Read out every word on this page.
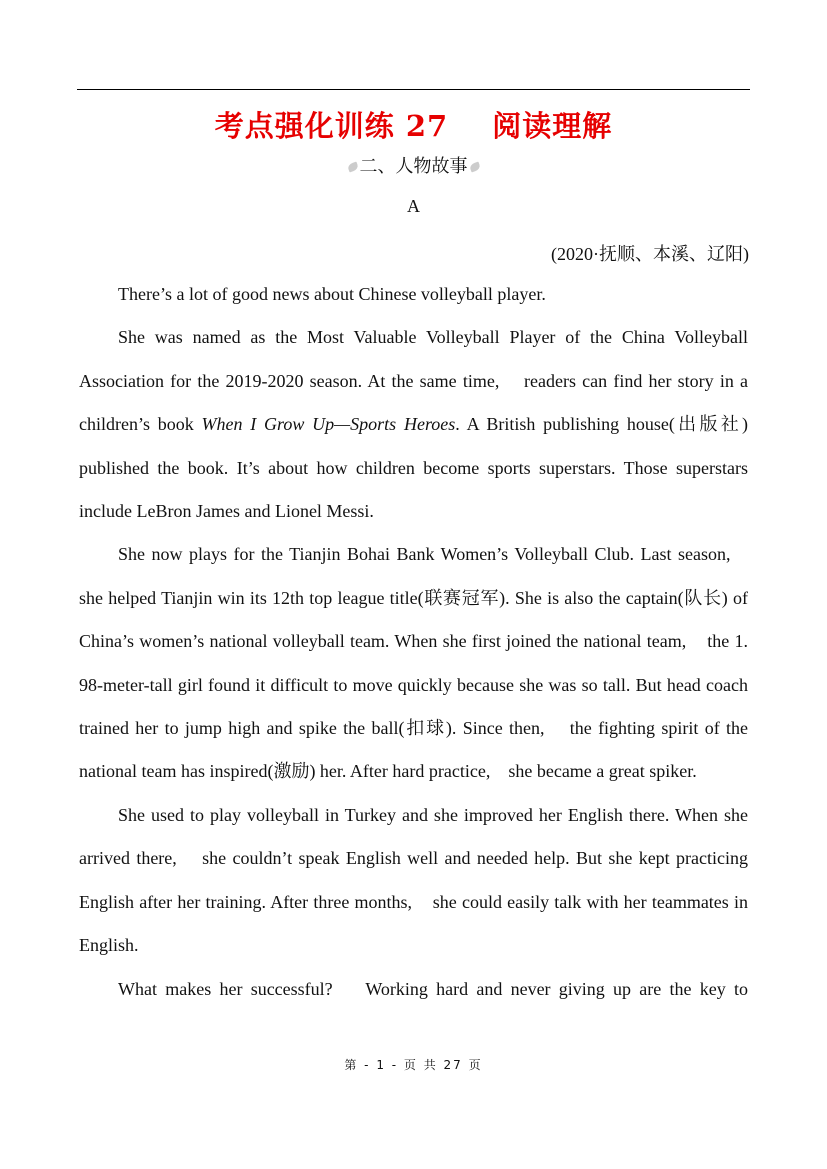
考点强化训练 27 阅读理解
二、人物故事
A
(2020·抚顺、本溪、辽阳)

There’s a lot of good news about Chinese volleyball player.

She was named as the Most Valuable Volleyball Player of the China Volleyball Association for the 2019-2020 season. At the same time,    readers can find her story in a children’s book When I Grow Up—Sports Heroes. A British publishing house(出版社) published the book. It’s about how children become sports superstars. Those superstars include LeBron James and Lionel Messi.

She now plays for the Tianjin Bohai Bank Women’s Volleyball Club. Last season,    she helped Tianjin win its 12th top league title(联赛冠军). She is also the captain(队长) of China’s women’s national volleyball team. When she first joined the national team,    the 1. 98-meter-tall girl found it difficult to move quickly because she was so tall. But head coach trained her to jump high and spike the ball(扣球). Since then,    the fighting spirit of the national team has inspired(激励) her. After hard practice,    she became a great spiker.

She used to play volleyball in Turkey and she improved her English there. When she arrived there,    she couldn’t speak English well and needed help. But she kept practicing English after her training. After three months,    she could easily talk with her teammates in English.

What makes her successful?    Working hard and never giving up are the key to

第 - 1 - 页 共 27 页
